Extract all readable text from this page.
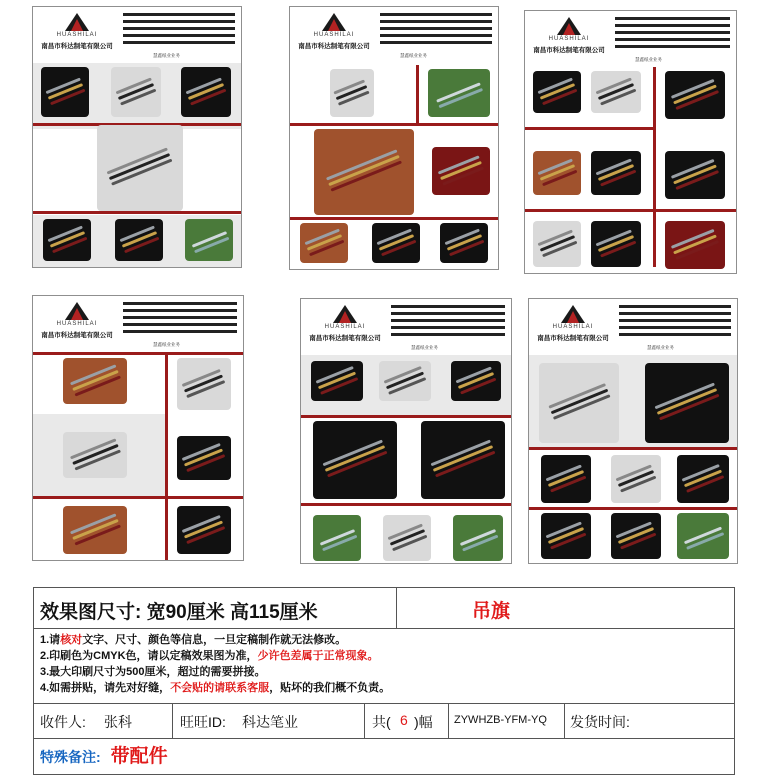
HUASHILAI
南昌市科达制笔有限公司
慧鑫纸业业务
HUASHILAI
南昌市科达制笔有限公司
慧鑫纸业业务
HUASHILAI
南昌市科达制笔有限公司
慧鑫纸业业务
HUASHILAI
南昌市科达制笔有限公司
慧鑫纸业业务
HUASHILAI
南昌市科达制笔有限公司
慧鑫纸业业务
HUASHILAI
南昌市科达制笔有限公司
慧鑫纸业业务
效果图尺寸: 宽90厘米 高115厘米	吊旗
1.请核对文字、尺寸、颜色等信息，一旦定稿制作就无法修改。
2.印刷色为CMYK色，请以定稿效果图为准，少许色差属于正常现象。
3.最大印刷尺寸为500厘米，超过的需要拼接。
4.如需拼贴，请先对好缝，不会贴的请联系客服，贴坏的我们概不负责。
收件人: 张科	旺旺ID: 科达笔业	共( 6 )幅 ZYWHZB-YFM-YQ 发货时间:
特殊备注: 带配件
